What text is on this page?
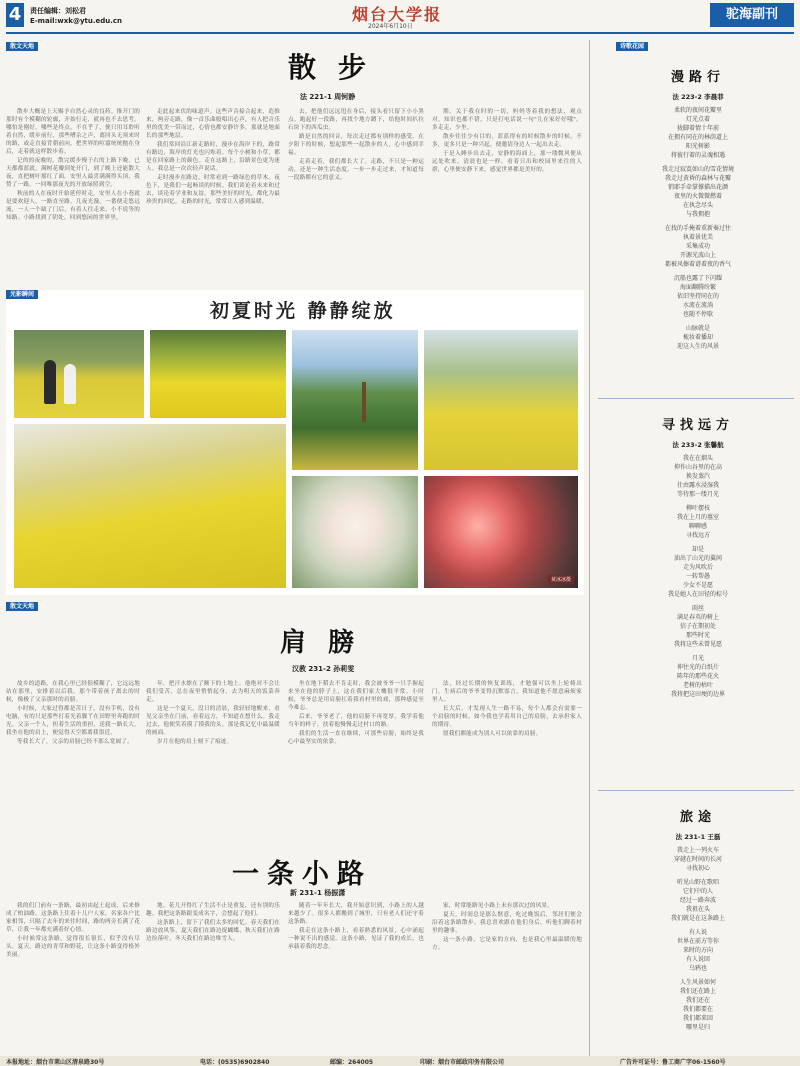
4	责任编辑：刘松君
E-mail:wxk@ytu.edu.cn	烟台大学报
2024年6月10日
驼海副刊
散文天地
散步
法 221-1 周钶静

散步大概是上天赐予自然心灵的良药。推开门的那时有个模糊的轮廓，开始行走，就再也不去思考。哪怕是刚好，哪些是终点，不在乎了，便只用耳聆听着自然，缓步前行，那些嘈杂之声，离回头无须来时的路，或走直接背朝前向，把世界的喧嚣统统抛在身后，走着就这样散步着。

记的的夜晚的，散完缓步慢于右的上路下晚，已天都都蓝就，满树花瓣到处开门，到了晚上还能散大夜，直把树叶摇红了面。安里人最喜满满得头顶，我赞了一路，一回唯那夜光的开放绿照到空。

秋前的人在夜时开始延停时走，安里人在小巷就是要欢迎人，一路直至路，几夜光漫。一番便走悠远流，一人一个缺了门后，有着人往走来。小不说等的知路。小路找到了阴处，回到悠闲的世界里。

走此起来伏的味道声。这些声音接合起来，造推来，两旁走路，像一首乐曲般唱出心声，有人把音乐里的优美一带而过，心情也都安静许多，那就是地面长的那些地层。

我们常回沿江新走路时，漫步在海岸下的，路常有路边，海岸的灯光也闪烁着。每个小树和小草，都是在回家路上的颜色。走在这路上，沿路景色更为迷人。我总是一次次轻声说话。

走时漫步在路边，时常看到一路绿色的草木。夜色下，是我们一起畅谈的时候。我们谈论着未来和过去，谈论着学业和友谊。那些美好的时光，都化为最珍贵的回忆。走路的时光，常常让人感到温暖。

去，把他们远远甩在身后，接头看只留下小小黑点。跑起好一段路，再找个地方蹲下，给他时间扒拉石块下的西瓜虫。

路是自然的回音，每次走过都有别样的感受。在夕阳下的时候，想起那些一起散步的人，心中感到幸福。

走着走着，我们都长大了。走路，不只是一种运动，还是一种生活态度。一步一步走过来，才知道每一段路都有它的意义。

期。关于我在时的一切，妈妈等着我的想法，观点对，知识也都不错，只是打电话说一句"儿在家好好哦"。多走走，少坐。

散步往往少有目的，蓝蓝得有的时候散步的时候，不多，更多只是一种兴起，便邀请身边人一起出去走。

于是入睡步出去走，安静的海面上，那一缕微风便从远处吹来。清晨也是一样，看着日出和校园里来往的人群，心里便安静下来，感觉世界都是美好的。

光影瞬间
初夏时光 静静绽放
黄冰冰摄
散文天地
肩膀
汉教 231-2 孙莉雯

故乡的道路，在我心里已经很模糊了，它远远地站在那里，安排着以后我，那个带着孩子离去的时候，像极了父亲那时的肩膀。

小时候，大家过得都是苦日子，没有手机，没有电脑，有的只是那些打着光着脚丫在田野里奔跑的时光。父亲一个人，担着生活的重担，送我一路长大。我坐在他的肩上，便觉得天空都离我很近。

等我长大了，父亲的肩膀已经不那么宽阔了。

年，把汗水擦在了额下的土地上。他绝对不会让我们受苦，总在夜里悄悄起身，去为明天的饭菜奔走。

这是一个夏天，没日的清晨，我轻轻地醒来，看见父亲坐在门前，看着远方，不知道在想什么。我走过去，他便笑着摸了摸我的头。那是我记忆中最温暖的画面。

岁月在他的肩上刻下了痕迹。

坐在地下稻去不肯走时，我会被爷爷一只手握起来坐在他的脖子上，这在我们家大概很平常。小时候，爷爷总是用肩膀扛着我看村里的戏，那种感觉至今难忘。

后来，爷爷老了，他的肩膀不再宽厚。我学着他当年的样子，扶着他慢慢走过村口的路。

我们的生活一直在继续，可那些肩膀，始终是我心中最坚实的依靠。

法，经过长期的恢复训练，才勉强可以坐上轮椅出门。生病后的爷爷变得沉默寡言，我知道他不愿意麻烦家里人。

长大后，才发现人生一路不易，每个人都会有需要一个肩膀的时候。如今我也学着用自己的肩膀，去承担家人的期待。

愿我们都能成为别人可以依靠的肩膀。

一条小路
新 231-1 杨振潇

我的们门前有一条路，最初由起土起成，后来修成了柏油路，这条路上住着十几户人家，名家各户比家相邻，只隔了去年的来往时间，路的两旁长满了花草，让我一年都充满着好心情。

小时候常这条路，觉得很长很长，似乎没有尽头。夏天，路边的青草和野花，让这条小路变得格外美丽。

地。花儿开得红了生活不止是重复，还有别的乐趣。我把这条路跟变成名字，会想起了他们。

这条路上，留下了我们太多的回忆。春天我们在路边放风筝，夏天我们在路边捉蝴蝶，秋天我们在路边捡落叶，冬天我们在路边堆雪人。

随着一年年长大，我开始意识到，小路上的人越来越少了。很多人都搬到了城里，只有老人们还守着这条路。

我走在这条小路上，看着熟悉的风景，心中涌起一种说不出的感觉。这条小路，见证了我的成长，也承载着我的思念。

家，时常能路见小路上未有那次过的风景。

夏天，时间总是那么惬意，吃过晚饭后，邻居们便会沿着这条路散步。我总喜欢跟在他们身后，听他们聊着村里的趣事。

这一条小路，它是家的方向，也是我心里最温暖的地方。

诗歌花园
漫路行
法 223-2 李晨菲
柔软的夜间花瓣里
灯光点着
拢脚着情十年前
在拥有同在的林荫道上
阳光树影
将彼行着的灵魂相遇
我走过寂寞如山的雪花情境
我走过黄昏的森林与花瓣
销耶手牵掌撑描出花颜
夜里的火微微燃着
在执念尽头
与我拥抱
在找的手掩着重新奏过往
执着景优美
采集成功
开源光波山上
都被风擦着谱着夜的香气
沉船也露了下闪耀
海面翻腾纷繁
依旧坚持同在的
水流在流淌
也随不停歇
山脉就是
梳妆着播却
迎这人生的风景
寻找远方
法 233-2 张馨航
我在在烟头
抑作山谷里的在高
换发蒸汽
仕由露水浸湿我
等待那一缕月光
柳叶摆枝
我在上月的墓室
聊聊感
寻找远方
却是
油出了山光的翼间
走为风吹后
一转帮愚
少女不是愿
我是她人在田径的棕号
雨丝
满足春英的树上
信子在期初处
那些时光
我将这些未曾见愿
月光
伸往光的白纸片
陈年的那些花火
老树的枯叶
我将把这田埂的边界
旅途
法 231-1 王磊
我走上一列火车
穿越在时间的长河
寻找初心
听见山野在歌唱
它们中的人
经过一路奔波
我祖在头
我们就是在这条路上
有人说
世界在前方等你
来时的方向
有人说回
乌鸦也
人生风景如何
我们还在路上
我们还在
我们都要在
我们都来回
哪里是归
本报地址：烟台市莱山区清泉路30号	电话：(0535)6902840	邮编：264005	印刷：烟台市邮政印务有限公司	广告许可证号：鲁工商广字06-1560号
